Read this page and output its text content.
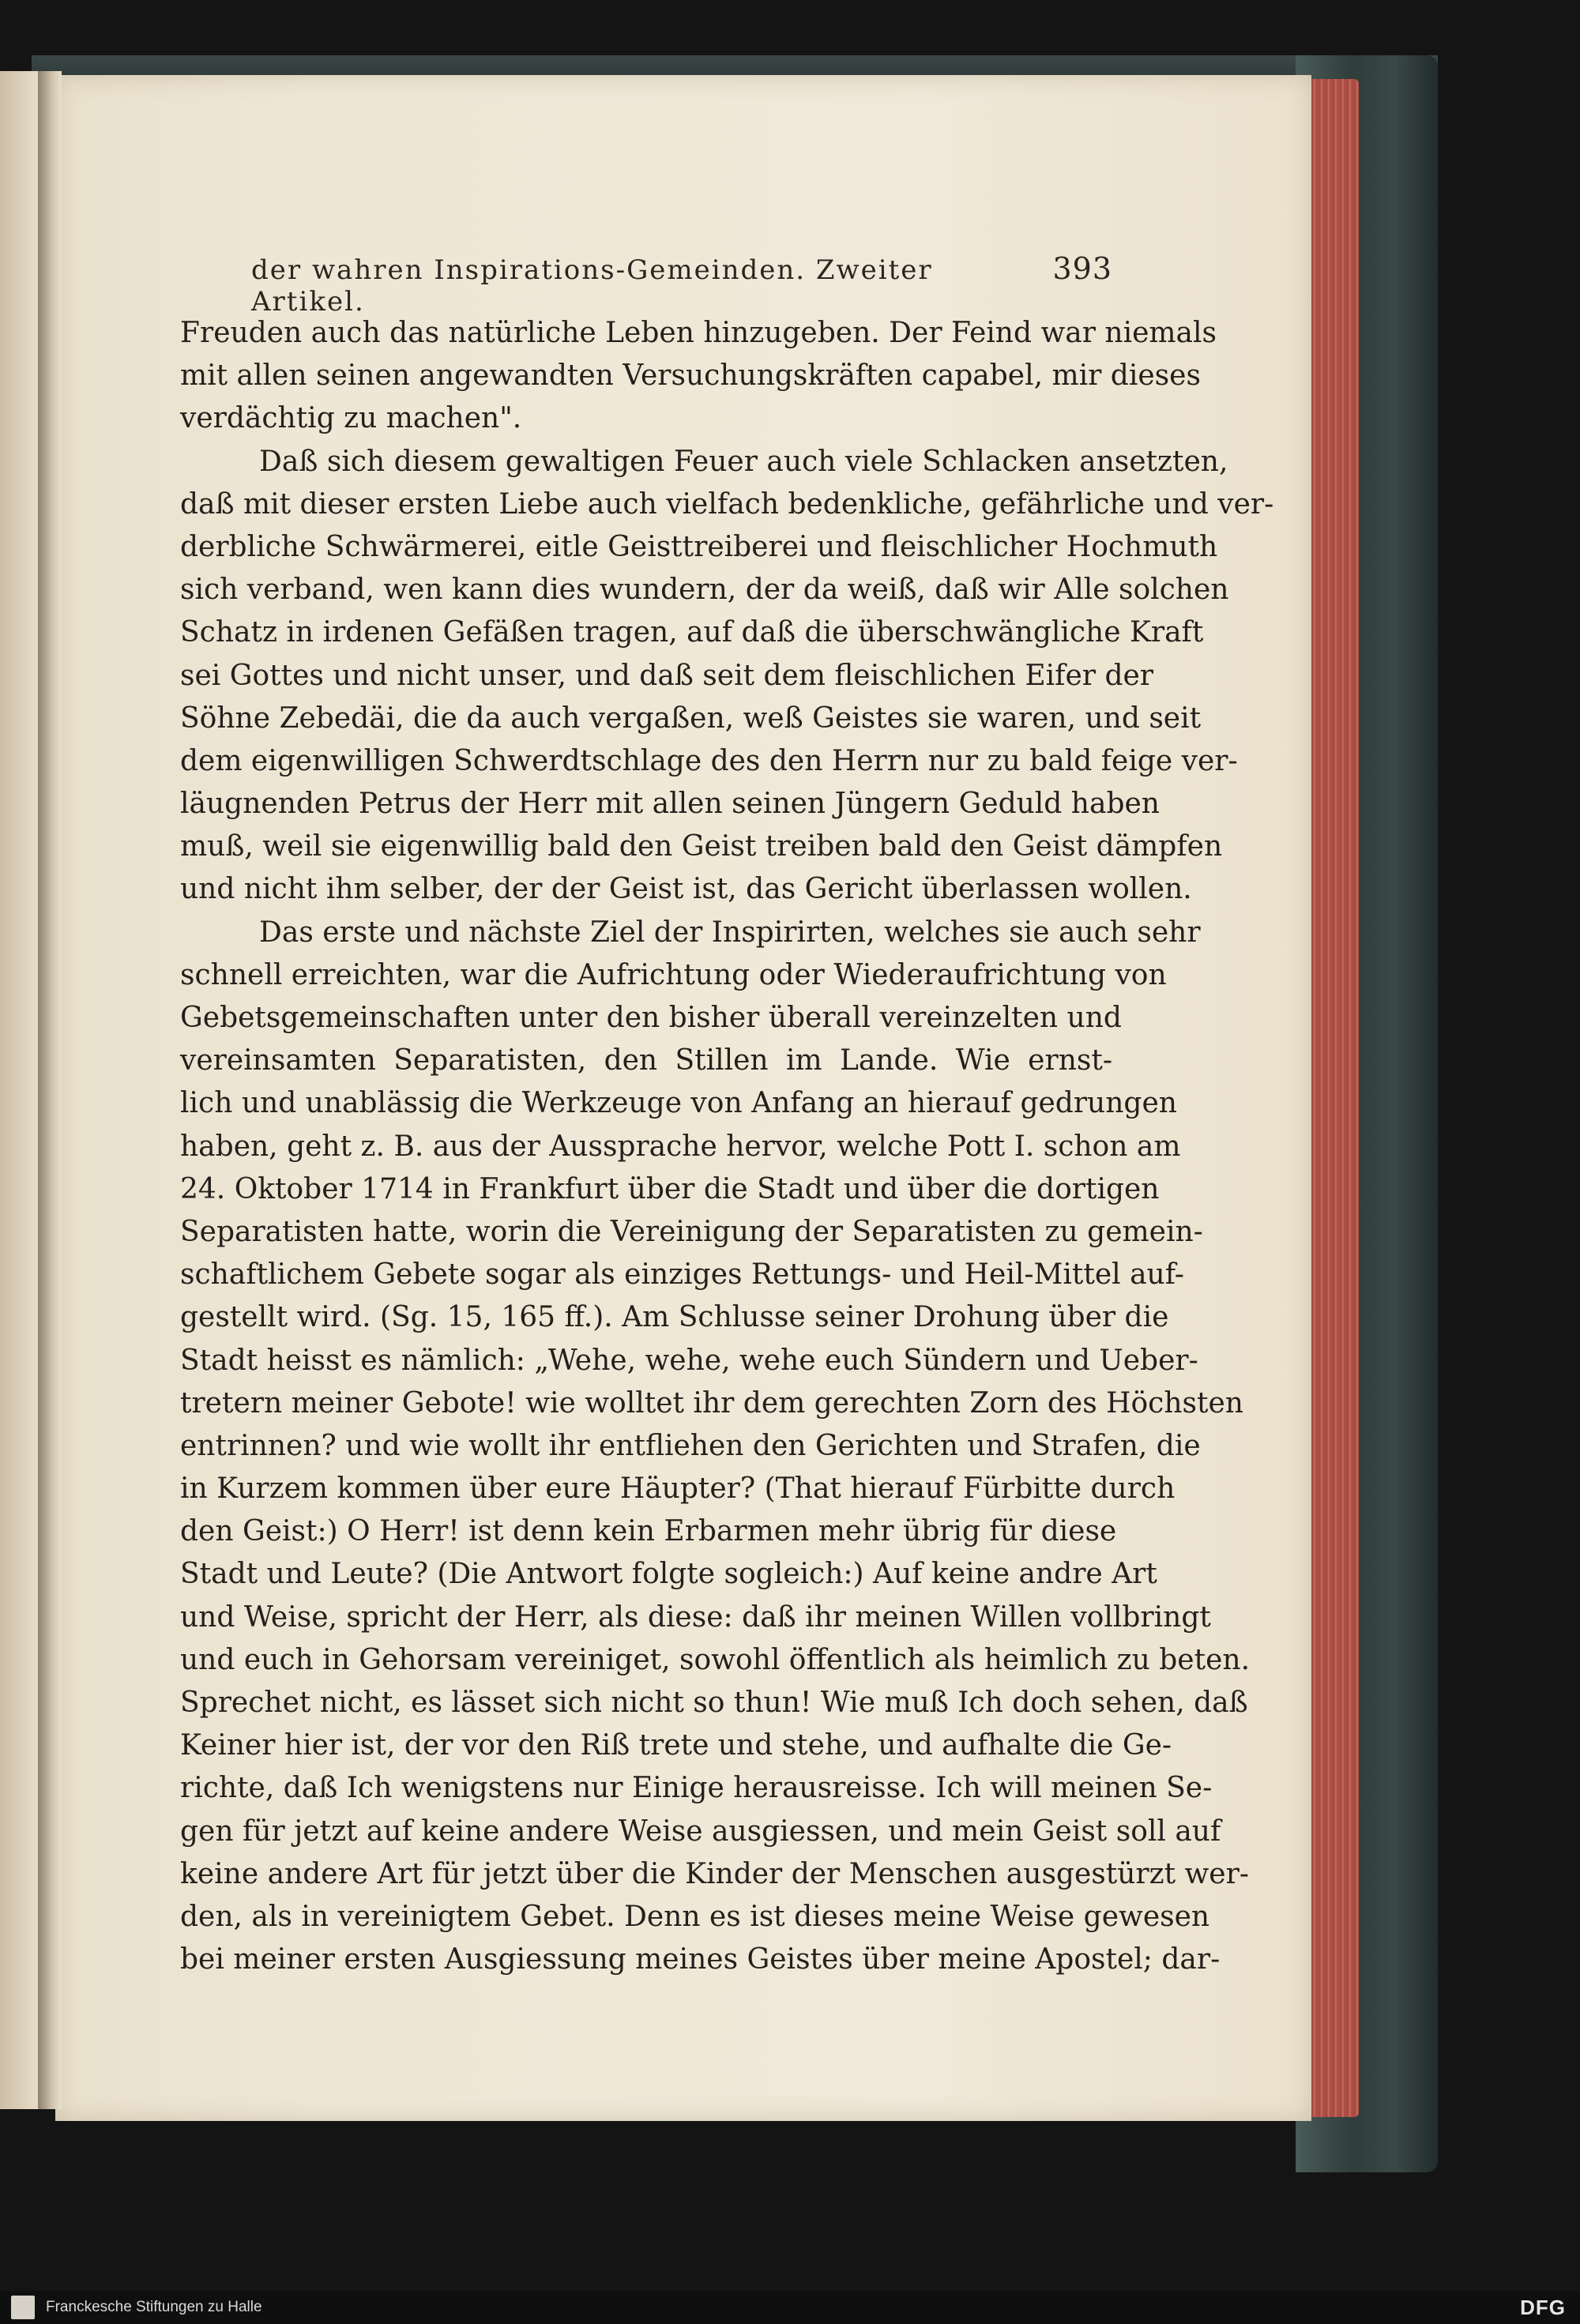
der wahren Inspirations-Gemeinden. Zweiter Artikel.
393
Freuden auch das natürliche Leben hinzugeben. Der Feind war niemals
mit allen seinen angewandten Versuchungskräften capabel, mir dieses
verdächtig zu machen".
Daß sich diesem gewaltigen Feuer auch viele Schlacken ansetzten,
daß mit dieser ersten Liebe auch vielfach bedenkliche, gefährliche und ver-
derbliche Schwärmerei, eitle Geisttreiberei und fleischlicher Hochmuth
sich verband, wen kann dies wundern, der da weiß, daß wir Alle solchen
Schatz in irdenen Gefäßen tragen, auf daß die überschwängliche Kraft
sei Gottes und nicht unser, und daß seit dem fleischlichen Eifer der
Söhne Zebedäi, die da auch vergaßen, weß Geistes sie waren, und seit
dem eigenwilligen Schwerdtschlage des den Herrn nur zu bald feige ver-
läugnenden Petrus der Herr mit allen seinen Jüngern Geduld haben
muß, weil sie eigenwillig bald den Geist treiben bald den Geist dämpfen
und nicht ihm selber, der der Geist ist, das Gericht überlassen wollen.
Das erste und nächste Ziel der Inspirirten, welches sie auch sehr
schnell erreichten, war die Aufrichtung oder Wiederaufrichtung von
Gebetsgemeinschaften unter den bisher überall vereinzelten und
vereinsamten Separatisten, den Stillen im Lande. Wie ernst-
lich und unablässig die Werkzeuge von Anfang an hierauf gedrungen
haben, geht z. B. aus der Aussprache hervor, welche Pott I. schon am
24. Oktober 1714 in Frankfurt über die Stadt und über die dortigen
Separatisten hatte, worin die Vereinigung der Separatisten zu gemein-
schaftlichem Gebete sogar als einziges Rettungs- und Heil-Mittel auf-
gestellt wird. (Sg. 15, 165 ff.). Am Schlusse seiner Drohung über die
Stadt heisst es nämlich: „Wehe, wehe, wehe euch Sündern und Ueber-
tretern meiner Gebote! wie wolltet ihr dem gerechten Zorn des Höchsten
entrinnen? und wie wollt ihr entfliehen den Gerichten und Strafen, die
in Kurzem kommen über eure Häupter? (That hierauf Fürbitte durch
den Geist:) O Herr! ist denn kein Erbarmen mehr übrig für diese
Stadt und Leute? (Die Antwort folgte sogleich:) Auf keine andre Art
und Weise, spricht der Herr, als diese: daß ihr meinen Willen vollbringt
und euch in Gehorsam vereiniget, sowohl öffentlich als heimlich zu beten.
Sprechet nicht, es lässet sich nicht so thun! Wie muß Ich doch sehen, daß
Keiner hier ist, der vor den Riß trete und stehe, und aufhalte die Ge-
richte, daß Ich wenigstens nur Einige herausreisse. Ich will meinen Se-
gen für jetzt auf keine andere Weise ausgiessen, und mein Geist soll auf
keine andere Art für jetzt über die Kinder der Menschen ausgestürzt wer-
den, als in vereinigtem Gebet. Denn es ist dieses meine Weise gewesen
bei meiner ersten Ausgiessung meines Geistes über meine Apostel; dar-
Franckesche Stiftungen zu Halle	DFG
